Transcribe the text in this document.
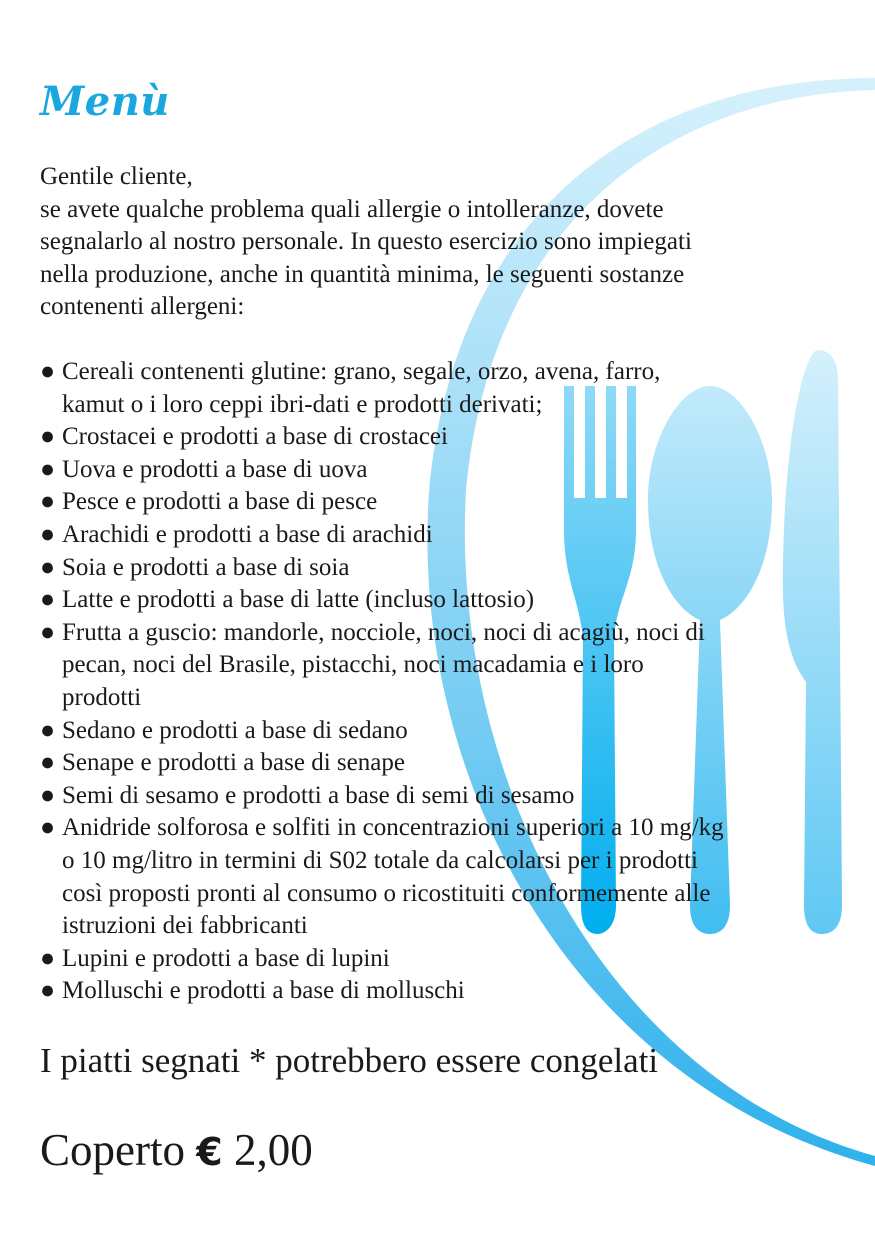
Menù

Gentile cliente,
se avete qualche problema quali allergie o intolleranze, dovete
segnalarlo al nostro personale. In questo esercizio sono impiegati
nella produzione, anche in quantità minima, le seguenti sostanze
contenenti allergeni:

● Cereali contenenti glutine: grano, segale, orzo, avena, farro,
kamut o i loro ceppi ibri-dati e prodotti derivati;
● Crostacei e prodotti a base di crostacei
● Uova e prodotti a base di uova
● Pesce e prodotti a base di pesce
● Arachidi e prodotti a base di arachidi
● Soia e prodotti a base di soia
● Latte e prodotti a base di latte (incluso lattosio)
● Frutta a guscio: mandorle, nocciole, noci, noci di acagiù, noci di
pecan, noci del Brasile, pistacchi, noci macadamia e i loro
prodotti
● Sedano e prodotti a base di sedano
● Senape e prodotti a base di senape
● Semi di sesamo e prodotti a base di semi di sesamo
● Anidride solforosa e solfiti in concentrazioni superiori a 10 mg/kg
o 10 mg/litro in termini di S02 totale da calcolarsi per i prodotti
così proposti pronti al consumo o ricostituiti conformemente alle
istruzioni dei fabbricanti
● Lupini e prodotti a base di lupini
● Molluschi e prodotti a base di molluschi

I piatti segnati * potrebbero essere congelati

Coperto € 2,00
